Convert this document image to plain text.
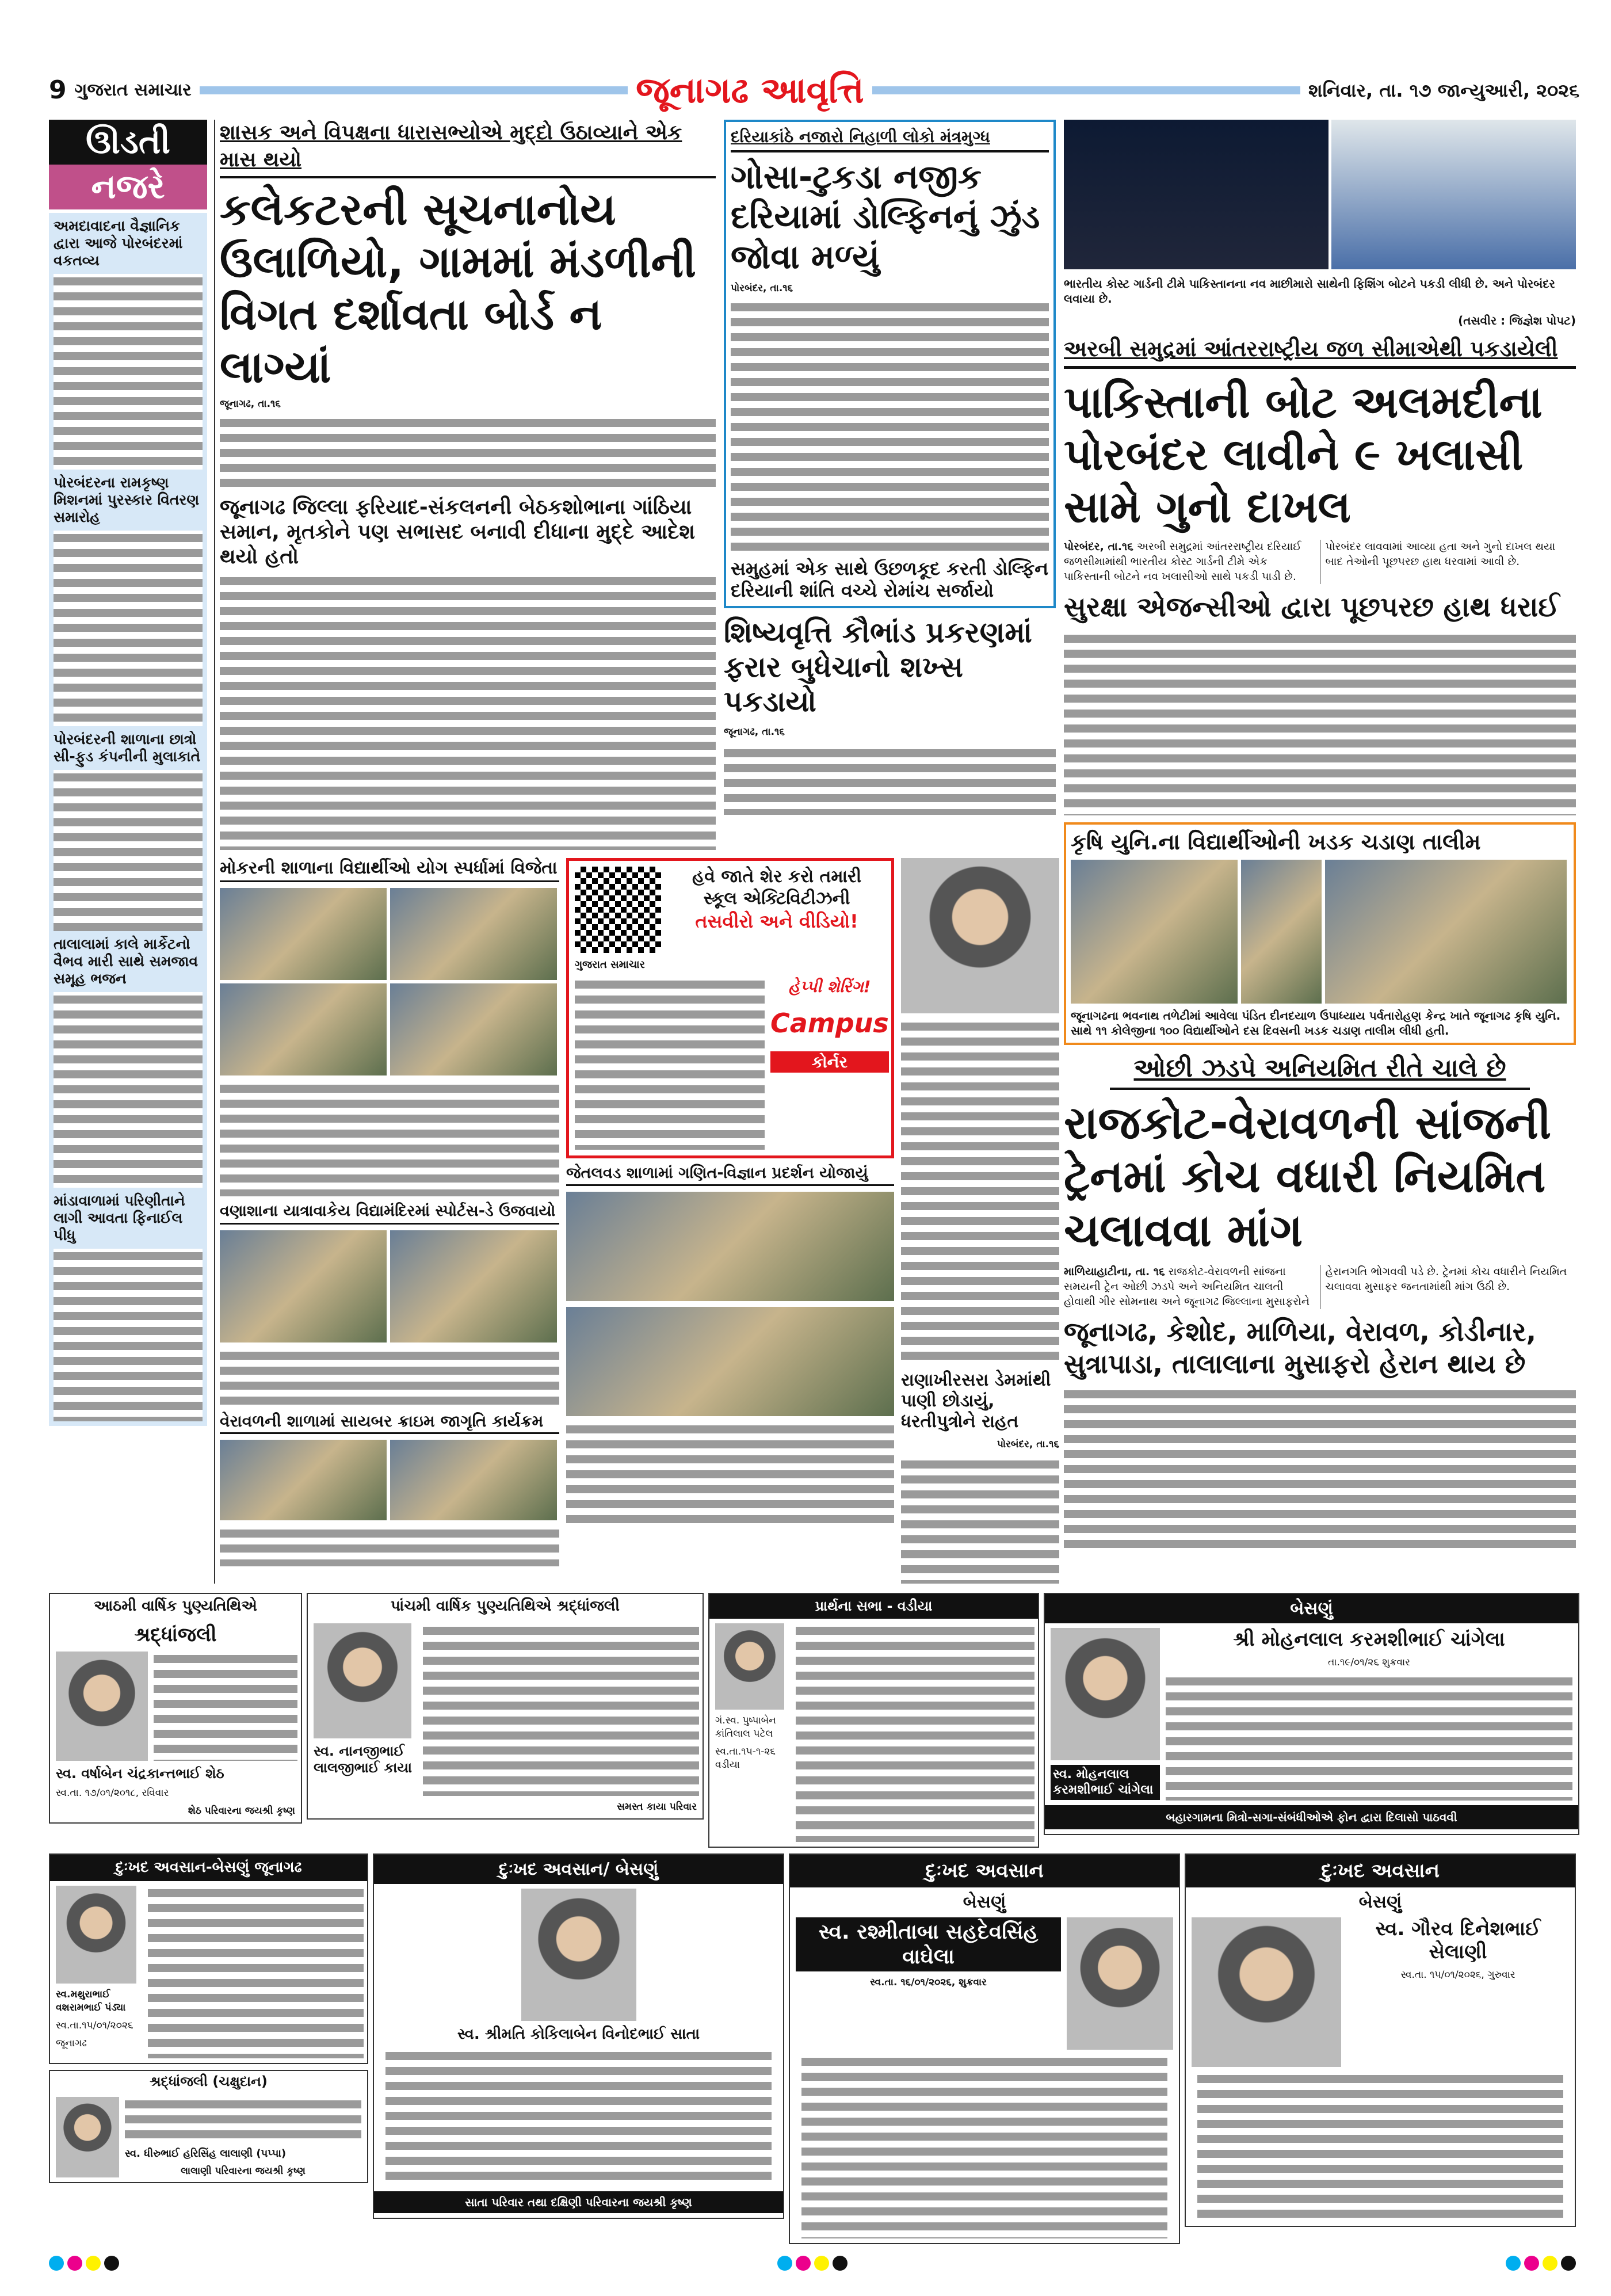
9 ગુજરાત સમાચાર	જૂનાગઢ આવૃત્તિ	શનિવાર, તા. ૧૭ જાન્યુઆરી, ૨૦૨૬
ઊડતી
નજરે
અમદાવાદના વૈજ્ઞાનિક દ્વારા આજે પોરબંદરમાં વકતવ્ય
પોરબંદરના રામકૃષ્ણ મિશનમાં પુરસ્કાર વિતરણ સમારોહ
પોરબંદરની શાળાના છાત્રો સી-ફુડ કંપનીની મુલાકાતે
તાલાલામાં કાલે માર્કેટનો વૈભવ મારી સાથે સમજાવ સમૂહ ભજન
માંડાવાળામાં પરિણીતાને લાગી આવતા ફિનાઈલ પીધુ
શાસક અને વિપક્ષના ધારાસભ્યોએ મુદ્દો ઉઠાવ્યાને એક માસ થયો
કલેકટરની સૂચનાનોય ઉલાળિયો, ગામમાં મંડળીની વિગત દર્શાવતા બોર્ડ ન લાગ્યાં
જૂનાગઢ, તા.૧૬
જૂનાગઢ જિલ્લા ફરિયાદ-સંકલનની બેઠકશોભાના ગાંઠિયા સમાન, મૃતકોને પણ સભાસદ બનાવી દીધાના મુદ્દે આદેશ થયો હતો
દરિયાકાંઠે નજારો નિહાળી લોકો મંત્રમુગ્ધ
ગોસા-ટુકડા નજીક દરિયામાં ડોલ્ફિનનું ઝુંડ જોવા મળ્યું
પોરબંદર, તા.૧૬
સમુહમાં એક સાથે ઉછળકૂદ કરતી ડોલ્ફિન દરિયાની શાંતિ વચ્ચે રોમાંચ સર્જાયો
શિષ્યવૃત્તિ કૌભાંડ પ્રકરણમાં ફરાર બુધેચાનો શખ્સ પકડાયો
જૂનાગઢ, તા.૧૬
મોકરની શાળાના વિદ્યાર્થીઓ યોગ સ્પર્ધામાં વિજેતા
વણાશાના યાત્રાવાકેય વિદ્યામંદિરમાં સ્પોર્ટસ-ડે ઉજવાયો
વેરાવળની શાળામાં સાયબર ક્રાઇમ જાગૃતિ કાર્યક્રમ
હવે જાતે શેર કરો તમારી
સ્કૂલ એક્ટિવિટીઝની
તસવીરો અને વીડિયો!
ગુજરાત સમાચાર
હેપ્પી શેરિંગ!
Campus
કોર્નર
જેતલવડ શાળામાં ગણિત-વિજ્ઞાન પ્રદર્શન યોજાયું
રાણાખીરસરા ડેમમાંથી પાણી છોડાયું, ધરતીપુત્રોને રાહત
પોરબંદર, તા.૧૬
ભારતીય કોસ્ટ ગાર્ડની ટીમે પાકિસ્તાનના નવ માછીમારો સાથેની ફિશિંગ બોટને પકડી લીધી છે. અને પોરબંદર લવાયા છે.
(તસવીર : જિજ્ઞેશ પોપટ)
અરબી સમુદ્રમાં આંતરરાષ્ટ્રીય જળ સીમાએથી પકડાયેલી
પાકિસ્તાની બોટ અલમદીના પોરબંદર લાવીને ૯ ખલાસી સામે ગુનો દાખલ
પોરબંદર, તા.૧૬ અરબી સમુદ્રમાં આંતરરાષ્ટ્રીય દરિયાઈ જળસીમામાંથી ભારતીય કોસ્ટ ગાર્ડની ટીમે એક પાકિસ્તાની બોટને નવ ખલાસીઓ સાથે પકડી પાડી છે. પોરબંદર લાવવામાં આવ્યા હતા અને ગુનો દાખલ થયા બાદ તેઓની પૂછપરછ હાથ ધરવામાં આવી છે.
સુરક્ષા એજન્સીઓ દ્વારા પૂછપરછ હાથ ધરાઈ
કૃષિ યુનિ.ના વિદ્યાર્થીઓની ખડક ચડાણ તાલીમ
જૂનાગઢના ભવનાથ તળેટીમાં આવેલા પંડિત દીનદયાળ ઉપાધ્યાય પર્વતારોહણ કેન્દ્ર ખાતે જૂનાગઢ કૃષિ યુનિ. સાથે ૧૧ કોલેજીના ૧૦૦ વિદ્યાર્થીઓને દસ દિવસની ખડક ચડાણ તાલીમ લીધી હતી.
ઓછી ઝડપે અનિયમિત રીતે ચાલે છે
રાજકોટ-વેરાવળની સાંજની ટ્રેનમાં કોચ વધારી નિયમિત ચલાવવા માંગ
માળિયાહાટીના, તા. ૧૬ રાજકોટ-વેરાવળની સાંજના સમયની ટ્રેન ઓછી ઝડપે અને અનિયમિત ચાલતી હોવાથી ગીર સોમનાથ અને જૂનાગઢ જિલ્લાના મુસાફરોને હેરાનગતિ ભોગવવી પડે છે. ટ્રેનમાં કોચ વધારીને નિયમિત ચલાવવા મુસાફર જનતામાંથી માંગ ઉઠી છે.
જૂનાગઢ, કેશોદ, માળિયા, વેરાવળ, કોડીનાર, સુત્રાપાડા, તાલાલાના મુસાફરો હેરાન થાય છે
આઠમી વાર્ષિક પુણ્યતિથિએ
શ્રદ્ધાંજલી
સ્વ. વર્ષાબેન ચંદ્રકાન્તભાઈ શેઠ
સ્વ.તા. ૧૭/૦૧/૨૦૧૮, રવિવાર
શેઠ પરિવારના જયશ્રી કૃષ્ણ
પાંચમી વાર્ષિક પુણ્યતિથિએ શ્રદ્ધાંજલી
સ્વ. નાનજીભાઈ લાલજીભાઈ કાયા
સમસ્ત કાયા પરિવાર
પ્રાર્થના સભા - વડીયા
ગં.સ્વ. પુષ્પાબેન કાંતિલાલ પટેલ
સ્વ.તા.૧૫-૧-૨૬ વડીયા
બેસણું
સ્વ. મોહનલાલ કરમશીભાઈ ચાંગેલા
શ્રી મોહનલાલ કરમશીભાઈ ચાંગેલા
તા.૧૯/૦૧/૨૬ શુક્રવાર
બહારગામના મિત્રો-સગા-સંબંધીઓએ ફોન દ્વારા દિલાસો પાઠવવી
દુઃખદ અવસાન-બેસણું જૂનાગઢ
સ્વ.મથુરાભાઈ વશરામભાઈ પંડ્યા
સ્વ.તા.૧૫/૦૧/૨૦૨૬
જૂનાગઢ
શ્રદ્ધાંજલી (ચક્ષુદાન)
સ્વ. ધીરુભાઈ હરિસિંહ લાલાણી (પપ્પા)
લાલાણી પરિવારના જયશ્રી કૃષ્ણ
દુઃખદ અવસાન/ બેસણું
સ્વ. શ્રીમતિ કોકિલાબેન વિનોદભાઈ સાતા
સાતા પરિવાર તથા દક્ષિણી પરિવારના જયશ્રી કૃષ્ણ
દુઃખદ અવસાન
બેસણું
સ્વ. રશ્મીતાબા સહદેવસિંહ વાઘેલા
સ્વ.તા. ૧૬/૦૧/૨૦૨૬, શુક્રવાર
દુઃખદ અવસાન
બેસણું
સ્વ. ગૌરવ દિનેશભાઈ સેલાણી
સ્વ.તા. ૧૫/૦૧/૨૦૨૬, ગુરુવાર
